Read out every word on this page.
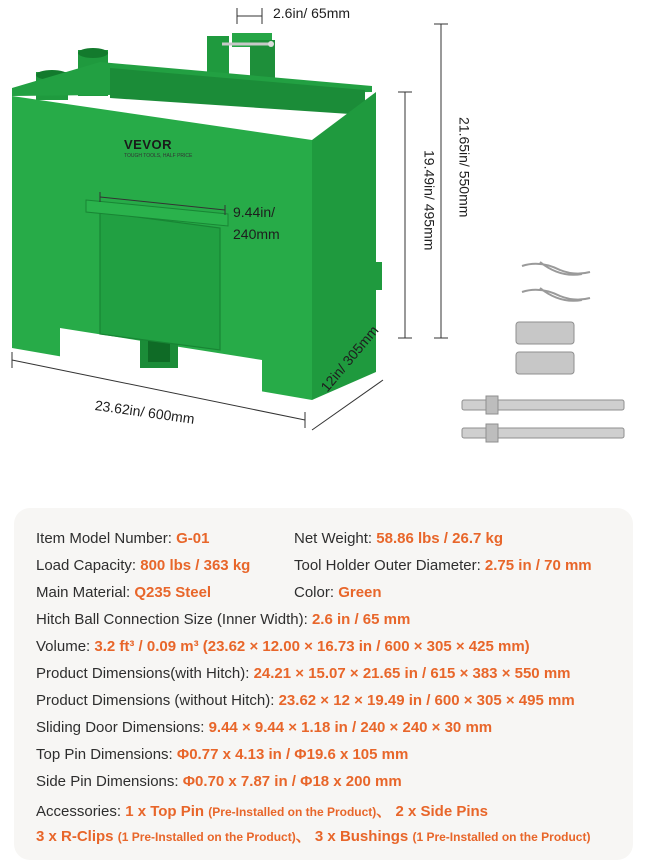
VEVOR
TOUGH TOOLS, HALF PRICE
2.6in/ 65mm
9.44in/ 240mm
23.62in/ 600mm
12in/ 305mm
19.49in/ 495mm 21.65in/ 550mm
Item Model Number: G-01	Net Weight: 58.86 lbs / 26.7 kg
Load Capacity: 800 lbs / 363 kg	Tool Holder Outer Diameter: 2.75 in / 70 mm
Main Material: Q235 Steel	Color: Green
Hitch Ball Connection Size (Inner Width): 2.6 in / 65 mm
Volume: 3.2 ft³ / 0.09 m³ (23.62 × 12.00 × 16.73 in / 600 × 305 × 425 mm)
Product Dimensions(with Hitch): 24.21 × 15.07 × 21.65 in / 615 × 383 × 550 mm
Product Dimensions (without Hitch): 23.62 × 12 × 19.49 in / 600 × 305 × 495 mm
Sliding Door Dimensions: 9.44 × 9.44 × 1.18 in / 240 × 240 × 30 mm
Top Pin Dimensions: Φ0.77 x 4.13 in / Φ19.6 x 105 mm
Side Pin Dimensions: Φ0.70 x 7.87 in / Φ18 x 200 mm
Accessories: 1 x Top Pin (Pre-Installed on the Product)、 2 x Side Pins
3 x R-Clips (1 Pre-Installed on the Product)、 3 x Bushings (1 Pre-Installed on the Product)
